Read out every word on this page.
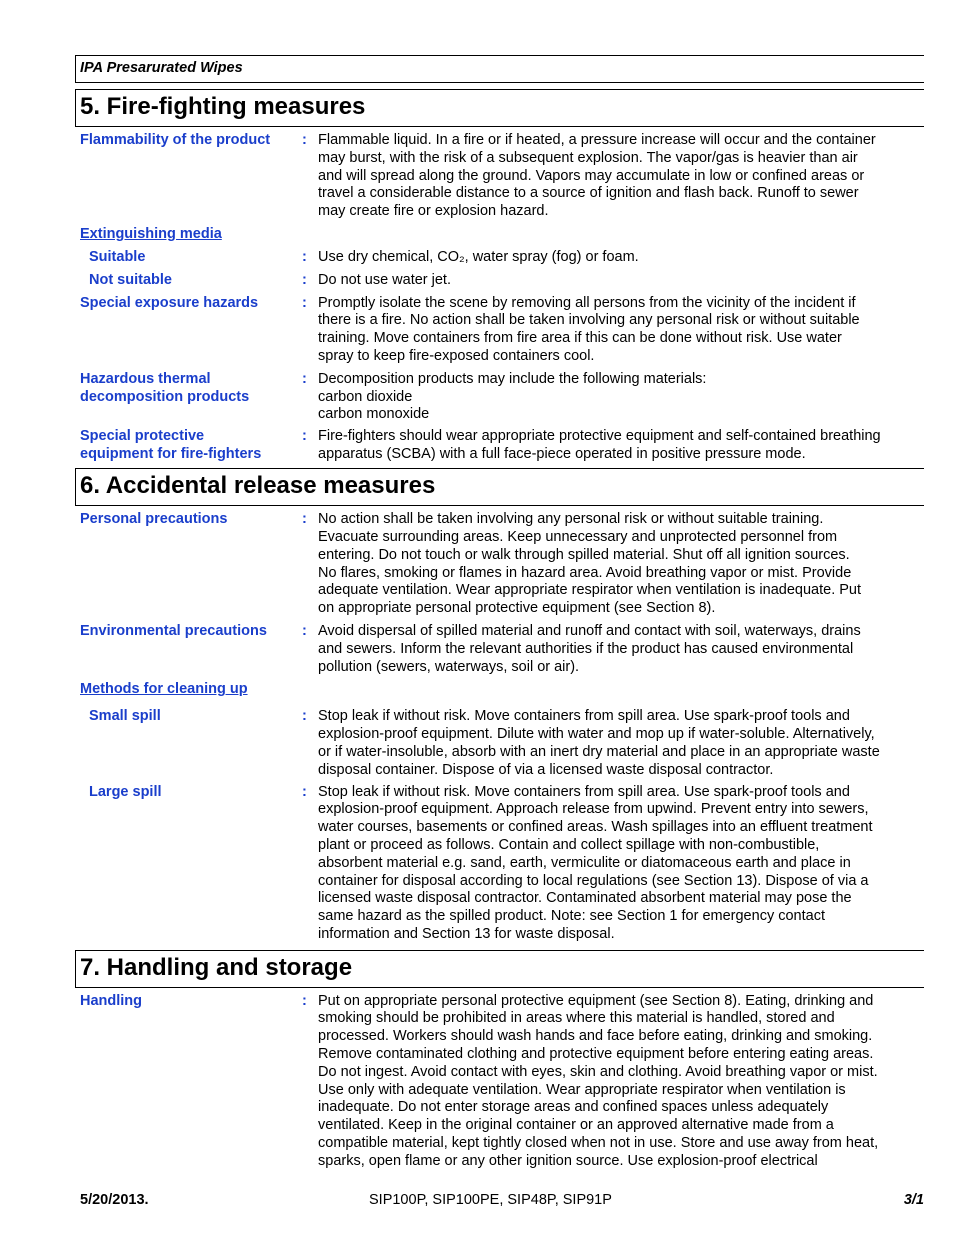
IPA Presarurated Wipes
5. Fire-fighting measures
Flammability of the product	: Flammable liquid. In a fire or if heated, a pressure increase will occur and the container
may burst, with the risk of a subsequent explosion. The vapor/gas is heavier than air
and will spread along the ground. Vapors may accumulate in low or confined areas or
travel a considerable distance to a source of ignition and flash back. Runoff to sewer
may create fire or explosion hazard.
Extinguishing media
Suitable	: Use dry chemical, CO₂, water spray (fog) or foam.
Not suitable	: Do not use water jet.
Special exposure hazards	: Promptly isolate the scene by removing all persons from the vicinity of the incident if
there is a fire. No action shall be taken involving any personal risk or without suitable
training. Move containers from fire area if this can be done without risk. Use water
spray to keep fire-exposed containers cool.
Hazardous thermal
decomposition products
: Decomposition products may include the following materials:
carbon dioxide
carbon monoxide
Special protective
equipment for fire-fighters
: Fire-fighters should wear appropriate protective equipment and self-contained breathing
apparatus (SCBA) with a full face-piece operated in positive pressure mode.
6. Accidental release measures
Personal precautions	: No action shall be taken involving any personal risk or without suitable training.
Evacuate surrounding areas. Keep unnecessary and unprotected personnel from
entering. Do not touch or walk through spilled material. Shut off all ignition sources.
No flares, smoking or flames in hazard area. Avoid breathing vapor or mist. Provide
adequate ventilation. Wear appropriate respirator when ventilation is inadequate. Put
on appropriate personal protective equipment (see Section 8).
Environmental precautions	: Avoid dispersal of spilled material and runoff and contact with soil, waterways, drains
and sewers. Inform the relevant authorities if the product has caused environmental
pollution (sewers, waterways, soil or air).
Methods for cleaning up
Small spill	: Stop leak if without risk. Move containers from spill area. Use spark-proof tools and
explosion-proof equipment. Dilute with water and mop up if water-soluble. Alternatively,
or if water-insoluble, absorb with an inert dry material and place in an appropriate waste
disposal container. Dispose of via a licensed waste disposal contractor.
Large spill	: Stop leak if without risk. Move containers from spill area. Use spark-proof tools and
explosion-proof equipment. Approach release from upwind. Prevent entry into sewers,
water courses, basements or confined areas. Wash spillages into an effluent treatment
plant or proceed as follows. Contain and collect spillage with non-combustible,
absorbent material e.g. sand, earth, vermiculite or diatomaceous earth and place in
container for disposal according to local regulations (see Section 13). Dispose of via a
licensed waste disposal contractor. Contaminated absorbent material may pose the
same hazard as the spilled product. Note: see Section 1 for emergency contact
information and Section 13 for waste disposal.
7. Handling and storage
Handling	: Put on appropriate personal protective equipment (see Section 8). Eating, drinking and
smoking should be prohibited in areas where this material is handled, stored and
processed. Workers should wash hands and face before eating, drinking and smoking.
Remove contaminated clothing and protective equipment before entering eating areas.
Do not ingest. Avoid contact with eyes, skin and clothing. Avoid breathing vapor or mist.
Use only with adequate ventilation. Wear appropriate respirator when ventilation is
inadequate. Do not enter storage areas and confined spaces unless adequately
ventilated. Keep in the original container or an approved alternative made from a
compatible material, kept tightly closed when not in use. Store and use away from heat,
sparks, open flame or any other ignition source. Use explosion-proof electrical
5/20/2013.	SIP100P, SIP100PE, SIP48P, SIP91P	3/1
